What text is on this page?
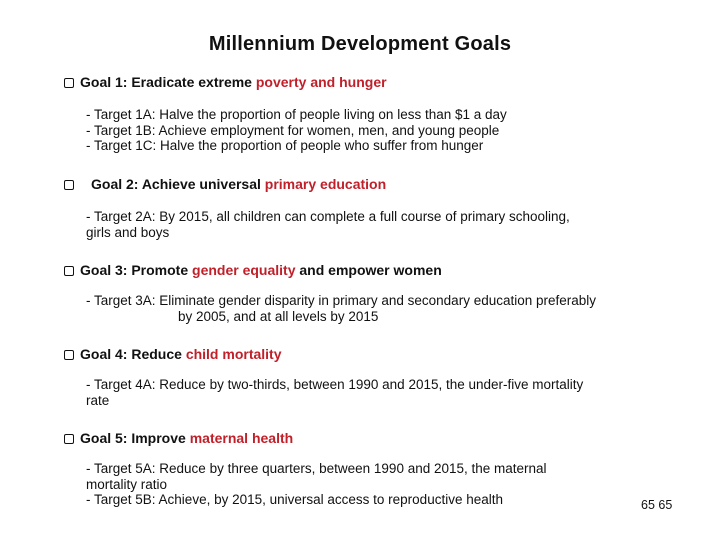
Millennium Development Goals
Goal 1: Eradicate extreme poverty and hunger
- Target 1A: Halve the proportion of people living on less than $1 a day
- Target 1B: Achieve employment for women, men, and young people
- Target 1C: Halve the proportion of people who suffer from hunger
Goal 2: Achieve universal primary education
- Target 2A: By 2015, all children can complete a full course of primary schooling,
girls and boys
Goal 3: Promote gender equality and empower women
- Target 3A: Eliminate gender disparity in primary and secondary education preferably
by 2005, and at all levels by 2015
Goal 4: Reduce child mortality
- Target 4A: Reduce by two-thirds, between 1990 and 2015, the under-five mortality
rate
Goal 5: Improve maternal health
- Target 5A: Reduce by three quarters, between 1990 and 2015, the maternal
mortality ratio
- Target 5B: Achieve, by 2015, universal access to reproductive health	65 65
